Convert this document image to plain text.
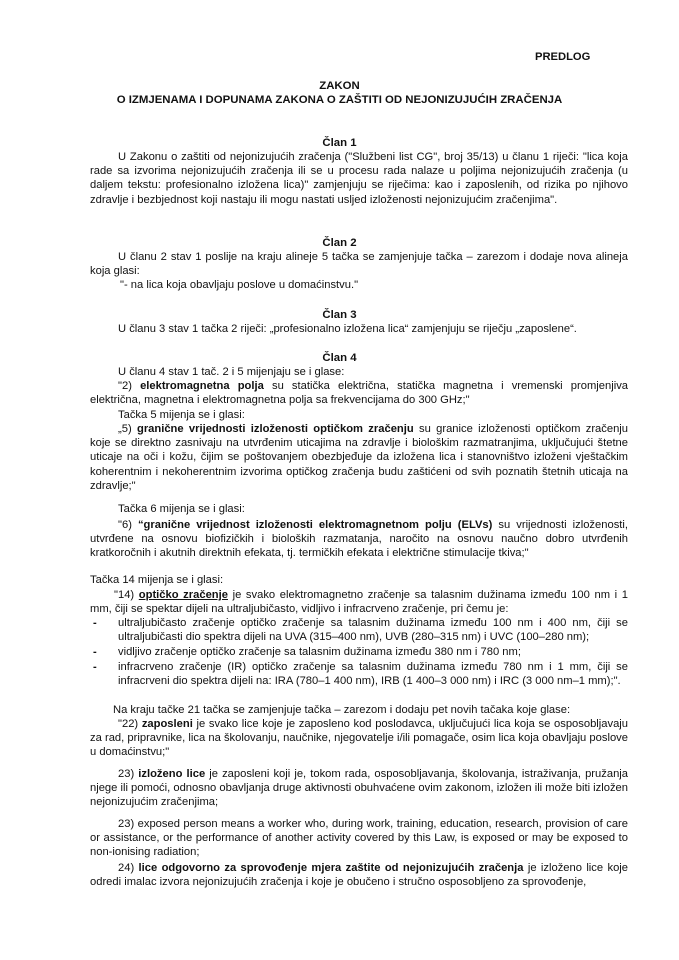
PREDLOG

ZAKON

O IZMJENAMA I DOPUNAMA ZAKONA O ZAŠTITI OD NEJONIZUJUĆIH ZRAČENJA

Član 1

U Zakonu o zaštiti od nejonizujućih zračenja ("Službeni list CG", broj 35/13) u članu 1 riječi: "lica koja rade sa izvorima nejonizujućih zračenja ili se u procesu rada nalaze u poljima nejonizujućih zračenja (u daljem tekstu: profesionalno izložena lica)" zamjenjuju se riječima: kao i zaposlenih, od rizika po njihovo zdravlje i bezbjednost koji nastaju ili mogu nastati usljed izloženosti nejonizujućim zračenjima".

Član 2

U članu 2 stav 1 poslije na kraju alineje 5 tačka se zamjenjuje tačka – zarezom i dodaje nova alineja koja glasi:

"- na lica koja obavljaju poslove u domaćinstvu."

Član 3

U članu 3 stav 1 tačka 2 riječi: „profesionalno izložena lica“ zamjenjuju se riječju „zaposlene“.

Član 4

U članu 4 stav 1 tač. 2 i 5 mijenjaju se i glase:

"2) elektromagnetna polja su statička električna, statička magnetna i vremenski promjenjiva električna, magnetna i elektromagnetna polja sa frekvencijama do 300 GHz;"

Tačka 5 mijenja se i glasi:

„5) granične vrijednosti izloženosti optičkom zračenju su granice izloženosti optičkom zračenju koje se direktno zasnivaju na utvrđenim uticajima na zdravlje i biološkim razmatranjima, uključujući štetne uticaje na oči i kožu, čijim se poštovanjem obezbjeđuje da izložena lica i stanovništvo izloženi vještačkim koherentnim i nekoherentnim izvorima optičkog zračenja budu zaštićeni od svih poznatih štetnih uticaja na zdravlje;"

Tačka 6 mijenja se i glasi:

"6) “granične vrijednost izloženosti elektromagnetnom polju (ELVs) su vrijednosti izloženosti, utvrđene na osnovu biofizičkih i bioloških razmatanja, naročito na osnovu naučno dobro utvrđenih kratkoročnih i akutnih direktnih efekata, tj. termičkih efekata i električne stimulacije tkiva;"

Tačka 14 mijenja se i glasi:

"14) optičko zračenje je svako elektromagnetno zračenje sa talasnim dužinama između 100 nm i 1 mm, čiji se spektar dijeli na ultraljubičasto, vidljivo i infracrveno zračenje, pri čemu je:

- ultraljubičasto zračenje optičko zračenje sa talasnim dužinama između 100 nm i 400 nm, čiji se ultraljubičasti dio spektra dijeli na UVA (315–400 nm), UVB (280–315 nm) i UVC (100–280 nm);

- vidljivo zračenje optičko zračenje sa talasnim dužinama između 380 nm i 780 nm;

- infracrveno zračenje (IR) optičko zračenje sa talasnim dužinama između 780 nm i 1 mm, čiji se infracrveni dio spektra dijeli na: IRA (780–1 400 nm), IRB (1 400–3 000 nm) i IRC (3 000 nm–1 mm);".

Na kraju tačke 21 tačka se zamjenjuje tačka – zarezom i dodaju pet novih tačaka koje glase:

"22) zaposleni je svako lice koje je zaposleno kod poslodavca, uključujući lica koja se osposobljavaju za rad, pripravnike, lica na školovanju, naučnike, njegovatelje i/ili pomagače, osim lica koja obavljaju poslove u domaćinstvu;"

23) izloženo lice je zaposleni koji je, tokom rada, osposobljavanja, školovanja, istraživanja, pružanja njege ili pomoći, odnosno obavljanja druge aktivnosti obuhvaćene ovim zakonom, izložen ili može biti izložen nejonizujućim zračenjima;

23) exposed person means a worker who, during work, training, education, research, provision of care or assistance, or the performance of another activity covered by this Law, is exposed or may be exposed to non-ionising radiation;

24) lice odgovorno za sprovođenje mjera zaštite od nejonizujućih zračenja je izloženo lice koje odredi imalac izvora nejonizujućih zračenja i koje je obučeno i stručno osposobljeno za sprovođenje,
